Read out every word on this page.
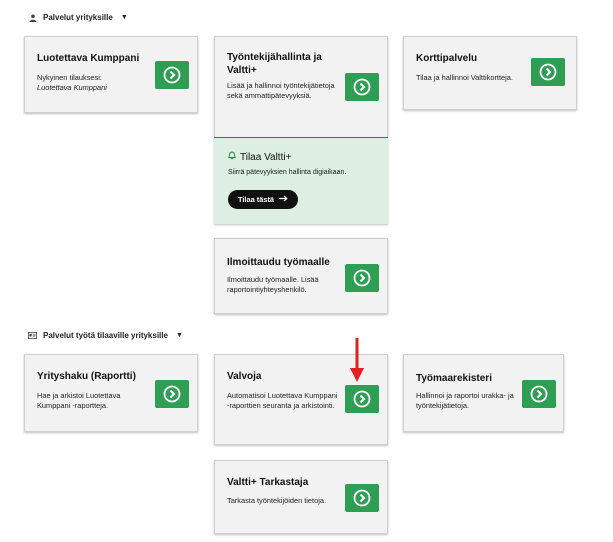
Palvelut yrityksille ▼
Luotettava Kumppani
Nykyinen tilauksesi:
Luotettava Kumppani
Työntekijähallinta ja Valtti+
Lisää ja hallinnoi työntekijätietoja sekä ammattipätevyyksiä.
Tilaa Valtti+
Siirrä pätevyyksien hallinta digiaikaan.
Tilaa tästä
Korttipalvelu
Tilaa ja hallinnoi Valttikortteja.
Ilmoittaudu työmaalle
Ilmoittaudu työmaalle. Lisää raportointiyhteyshenkilö.
Palvelut työtä tilaaville yrityksille ▼
Yrityshaku (Raportti)
Hae ja arkistoi Luotettava Kumppani -raportteja.
Valvoja
Automatisoi Luotettava Kumppani -raporttien seuranta ja arkistointi.
Työmaarekisteri
Hallinnoi ja raportoi urakka- ja työntekijätietoja.
Valtti+ Tarkastaja
Tarkasta työntekijöiden tietoja.
